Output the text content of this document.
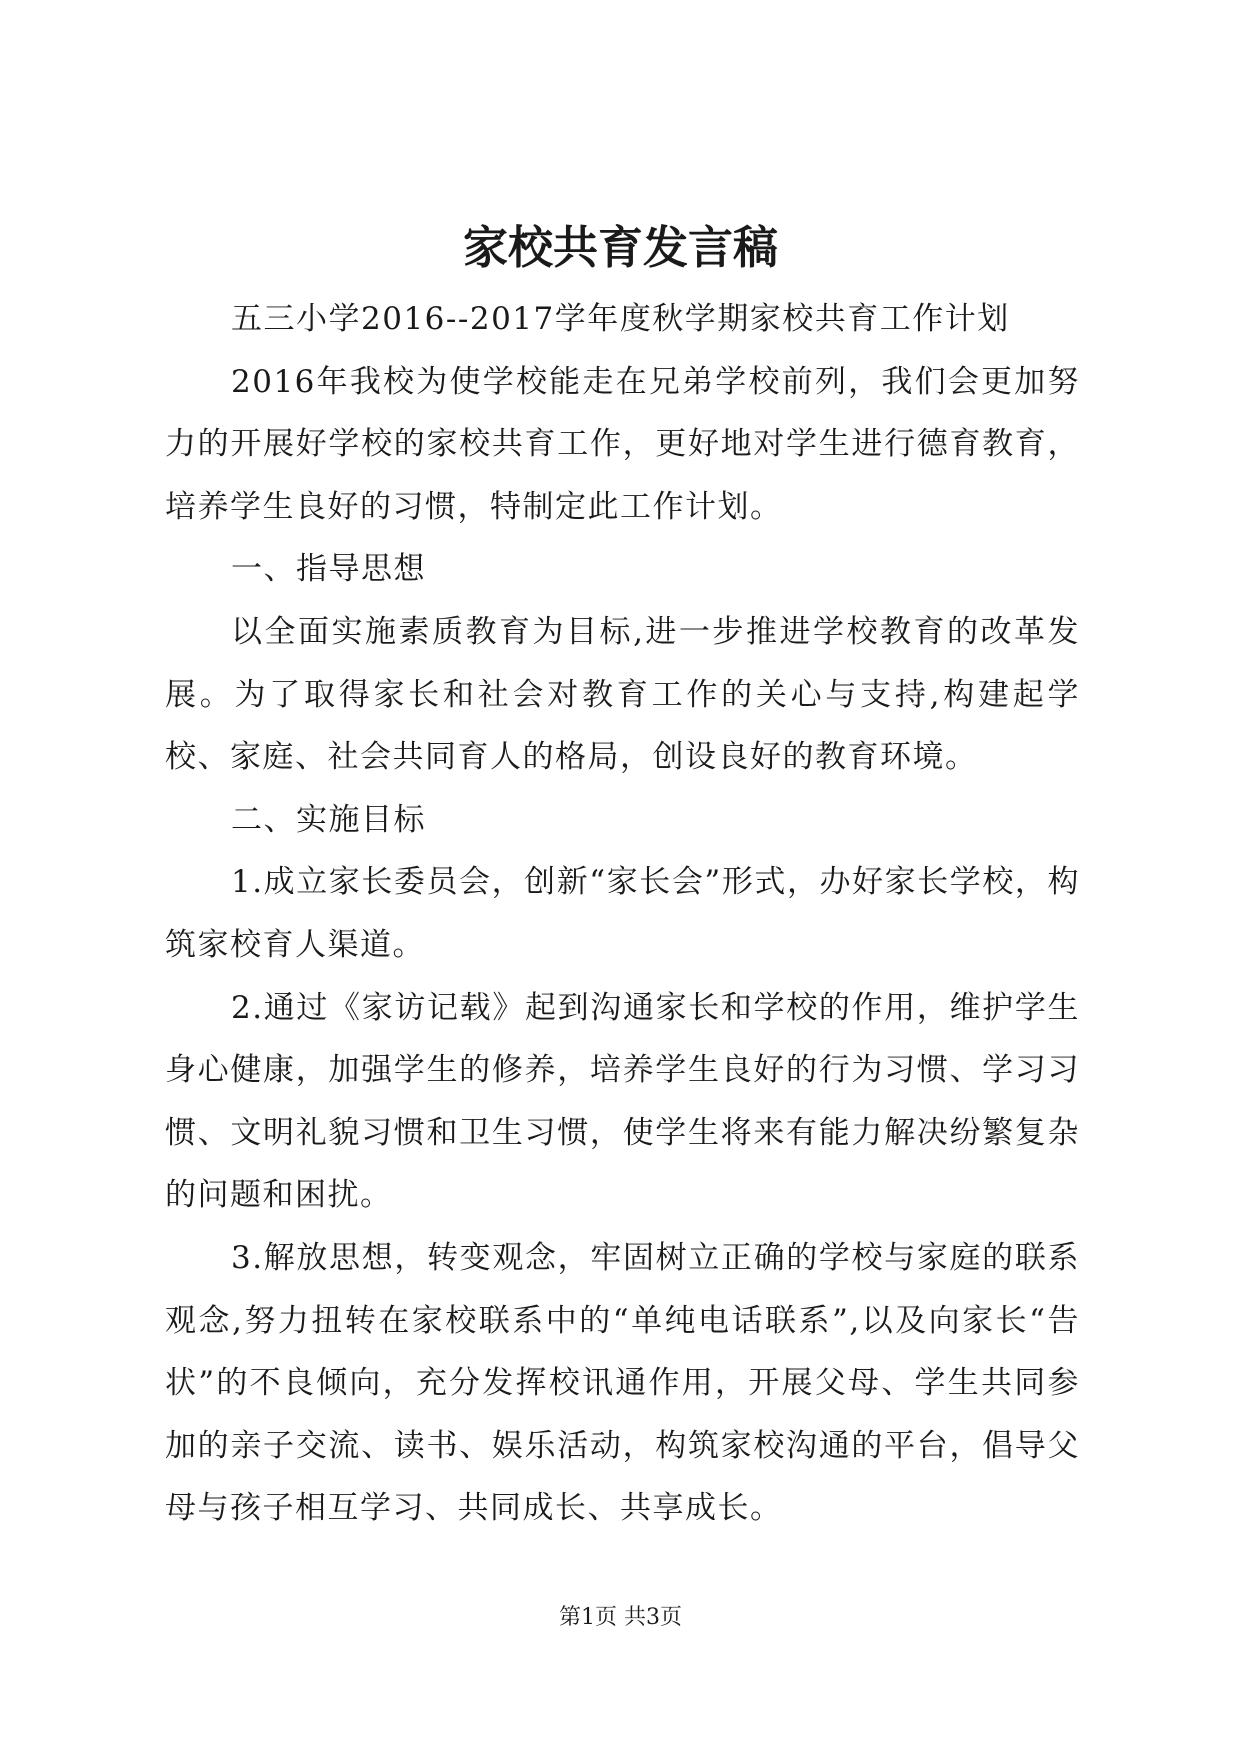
家校共育发言稿

五三小学2016--2017学年度秋学期家校共育工作计划

2016年我校为使学校能走在兄弟学校前列，我们会更加努力的开展好学校的家校共育工作，更好地对学生进行德育教育，培养学生良好的习惯，特制定此工作计划。

一、指导思想

以全面实施素质教育为目标,进一步推进学校教育的改革发展。为了取得家长和社会对教育工作的关心与支持,构建起学校、家庭、社会共同育人的格局，创设良好的教育环境。

二、实施目标

1.成立家长委员会，创新“家长会”形式，办好家长学校，构筑家校育人渠道。

2.通过《家访记载》起到沟通家长和学校的作用，维护学生身心健康，加强学生的修养，培养学生良好的行为习惯、学习习惯、文明礼貌习惯和卫生习惯，使学生将来有能力解决纷繁复杂的问题和困扰。

3.解放思想，转变观念，牢固树立正确的学校与家庭的联系观念,努力扭转在家校联系中的“单纯电话联系”,以及向家长“告状”的不良倾向，充分发挥校讯通作用，开展父母、学生共同参加的亲子交流、读书、娱乐活动，构筑家校沟通的平台，倡导父母与孩子相互学习、共同成长、共享成长。

第1页 共3页
